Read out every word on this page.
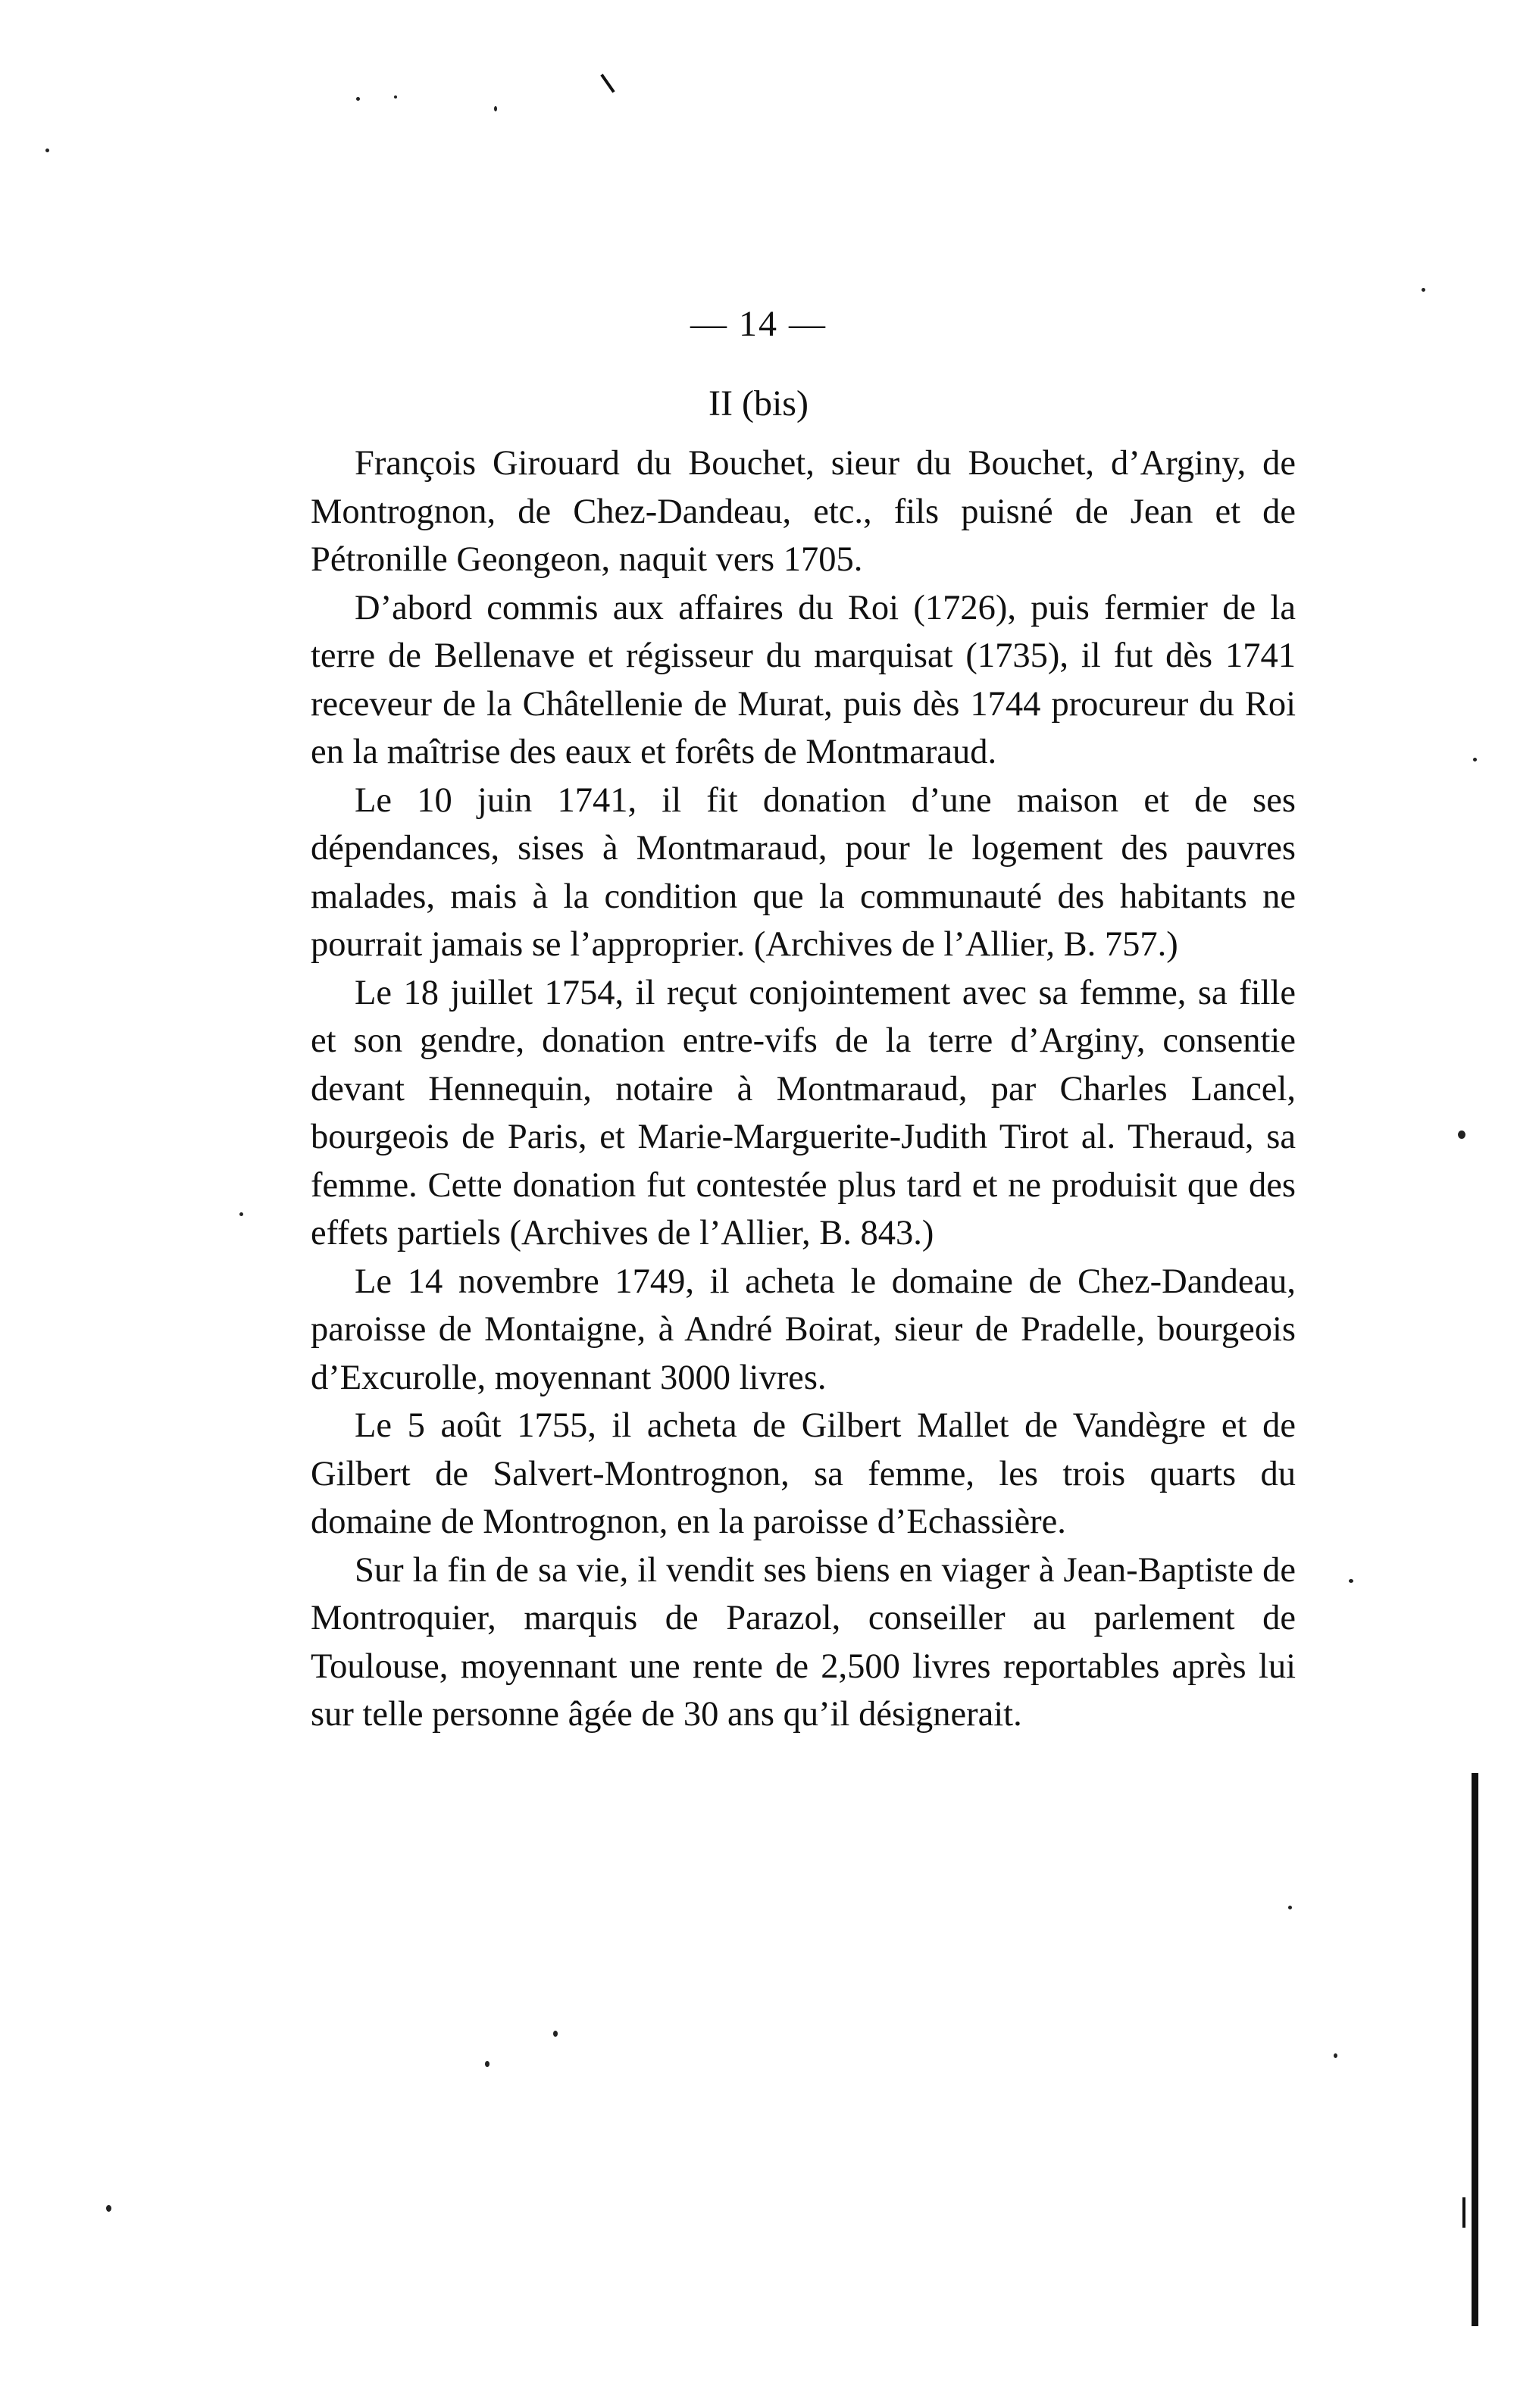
— 14 —
II (bis)

François Girouard du Bouchet, sieur du Bouchet, d’Arginy, de Montrognon, de Chez-Dandeau, etc., fils puisné de Jean et de Pétronille Geongeon, naquit vers 1705.

D’abord commis aux affaires du Roi (1726), puis fermier de la terre de Bellenave et régisseur du marquisat (1735), il fut dès 1741 receveur de la Châtellenie de Murat, puis dès 1744 procureur du Roi en la maîtrise des eaux et forêts de Montmaraud.

Le 10 juin 1741, il fit donation d’une maison et de ses dépendances, sises à Montmaraud, pour le logement des pauvres malades, mais à la condition que la communauté des habitants ne pourrait jamais se l’approprier. (Archives de l’Allier, B. 757.)

Le 18 juillet 1754, il reçut conjointement avec sa femme, sa fille et son gendre, donation entre-vifs de la terre d’Arginy, consentie devant Hennequin, notaire à Montmaraud, par Charles Lancel, bourgeois de Paris, et Marie-Marguerite-Judith Tirot al. Theraud, sa femme. Cette donation fut contestée plus tard et ne produisit que des effets partiels (Archives de l’Allier, B. 843.)

Le 14 novembre 1749, il acheta le domaine de Chez-Dandeau, paroisse de Montaigne, à André Boirat, sieur de Pradelle, bourgeois d’Excurolle, moyennant 3000 livres.

Le 5 août 1755, il acheta de Gilbert Mallet de Vandègre et de Gilbert de Salvert-Montrognon, sa femme, les trois quarts du domaine de Montrognon, en la paroisse d’Echassière.

Sur la fin de sa vie, il vendit ses biens en viager à Jean-Baptiste de Montroquier, marquis de Parazol, conseiller au parlement de Toulouse, moyennant une rente de 2,500 livres reportables après lui sur telle personne âgée de 30 ans qu’il désignerait.
